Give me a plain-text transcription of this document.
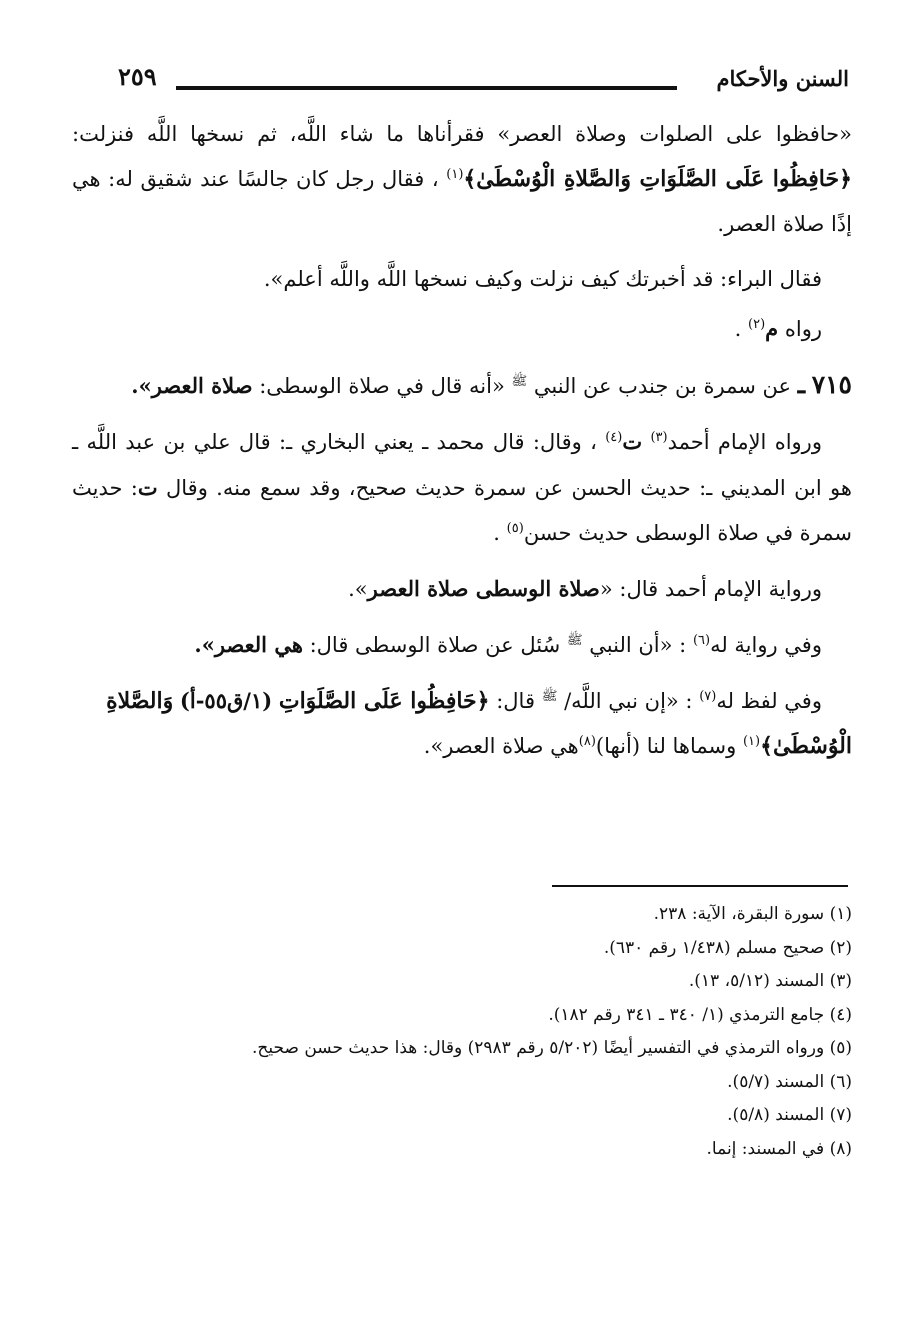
السنن والأحكام
٢٥٩

«حافظوا على الصلوات وصلاة العصر» فقرأناها ما شاء اللَّه، ثم نسخها اللَّه فنزلت: ﴿حَافِظُوا عَلَى الصَّلَوَاتِ وَالصَّلاةِ الْوُسْطَىٰ﴾$^{(١)}$ ، فقال رجل كان جالسًا عند شقيق له: هي إذًا صلاة العصر.

فقال البراء: قد أخبرتك كيف نزلت وكيف نسخها اللَّه واللَّه أعلم».

رواه م$^{(٢)}$ .

٧١٥ ـ عن سمرة بن جندب عن النبي $^ﷺ$ «أنه قال في صلاة الوسطى: صلاة العصر».

ورواه الإمام أحمد$^{(٣)}$ ت$^{(٤)}$ ، وقال: قال محمد ـ يعني البخاري ـ: قال علي بن عبد اللَّه ـ هو ابن المديني ـ: حديث الحسن عن سمرة حديث صحيح، وقد سمع منه. وقال ت: حديث سمرة في صلاة الوسطى حديث حسن$^{(٥)}$ .

ورواية الإمام أحمد قال: «صلاة الوسطى صلاة العصر».

وفي رواية له$^{(٦)}$ : «أن النبي $^ﷺ$ سُئل عن صلاة الوسطى قال: هي العصر».

وفي لفظ له$^{(٧)}$ : «إن نبي اللَّه/ $^ﷺ$ قال: ﴿حَافِظُوا عَلَى الصَّلَوَاتِ (١/ق٥٥-أ) وَالصَّلاةِ الْوُسْطَىٰ﴾$^{(١)}$ وسماها لنا (أنها)$^{(٨)}$هي صلاة العصر».

(١) سورة البقرة، الآية: ٢٣٨.
(٢) صحيح مسلم (١/٤٣٨ رقم ٦٣٠).
(٣) المسند (٥/١٢، ١٣).
(٤) جامع الترمذي (١/ ٣٤٠ ـ ٣٤١ رقم ١٨٢).
(٥) ورواه الترمذي في التفسير أيضًا (٥/٢٠٢ رقم ٢٩٨٣) وقال: هذا حديث حسن صحيح.
(٦) المسند (٥/٧).
(٧) المسند (٥/٨).
(٨) في المسند: إنما.
